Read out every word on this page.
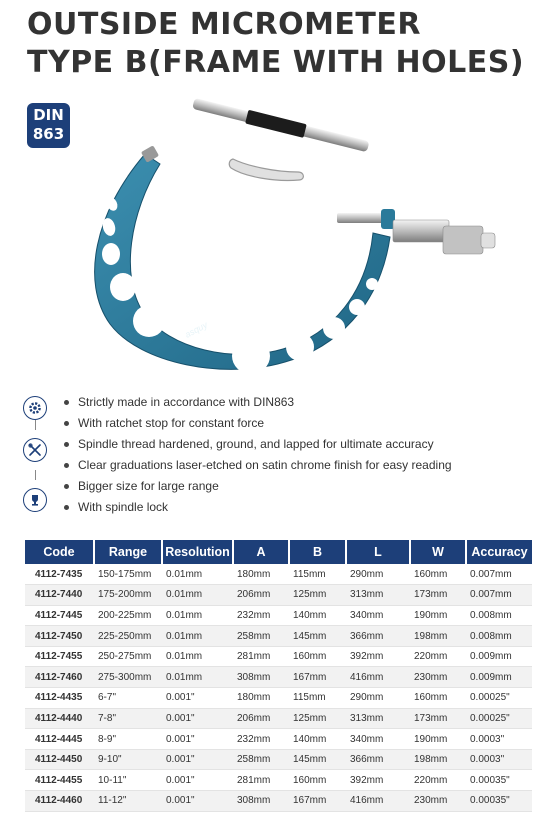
OUTSIDE MICROMETER
TYPE B(FRAME WITH HOLES)
DIN
863
asquy
Strictly made in accordance with DIN863
With ratchet stop for constant force
Spindle thread hardened, ground, and lapped for ultimate accuracy
Clear graduations laser-etched on satin chrome finish for easy reading
Bigger size for large range
With spindle lock
Code	Range	Resolution	A	B	L	W	Accuracy
4112-7435	150-175mm	0.01mm	180mm	115mm	290mm	160mm	0.007mm
4112-7440	175-200mm	0.01mm	206mm	125mm	313mm	173mm	0.007mm
4112-7445	200-225mm	0.01mm	232mm	140mm	340mm	190mm	0.008mm
4112-7450	225-250mm	0.01mm	258mm	145mm	366mm	198mm	0.008mm
4112-7455	250-275mm	0.01mm	281mm	160mm	392mm	220mm	0.009mm
4112-7460	275-300mm	0.01mm	308mm	167mm	416mm	230mm	0.009mm
4112-4435	6-7"	0.001"	180mm	115mm	290mm	160mm	0.00025"
4112-4440	7-8"	0.001"	206mm	125mm	313mm	173mm	0.00025"
4112-4445	8-9"	0.001"	232mm	140mm	340mm	190mm	0.0003"
4112-4450	9-10"	0.001"	258mm	145mm	366mm	198mm	0.0003"
4112-4455	10-11"	0.001"	281mm	160mm	392mm	220mm	0.00035"
4112-4460	11-12"	0.001"	308mm	167mm	416mm	230mm	0.00035"
